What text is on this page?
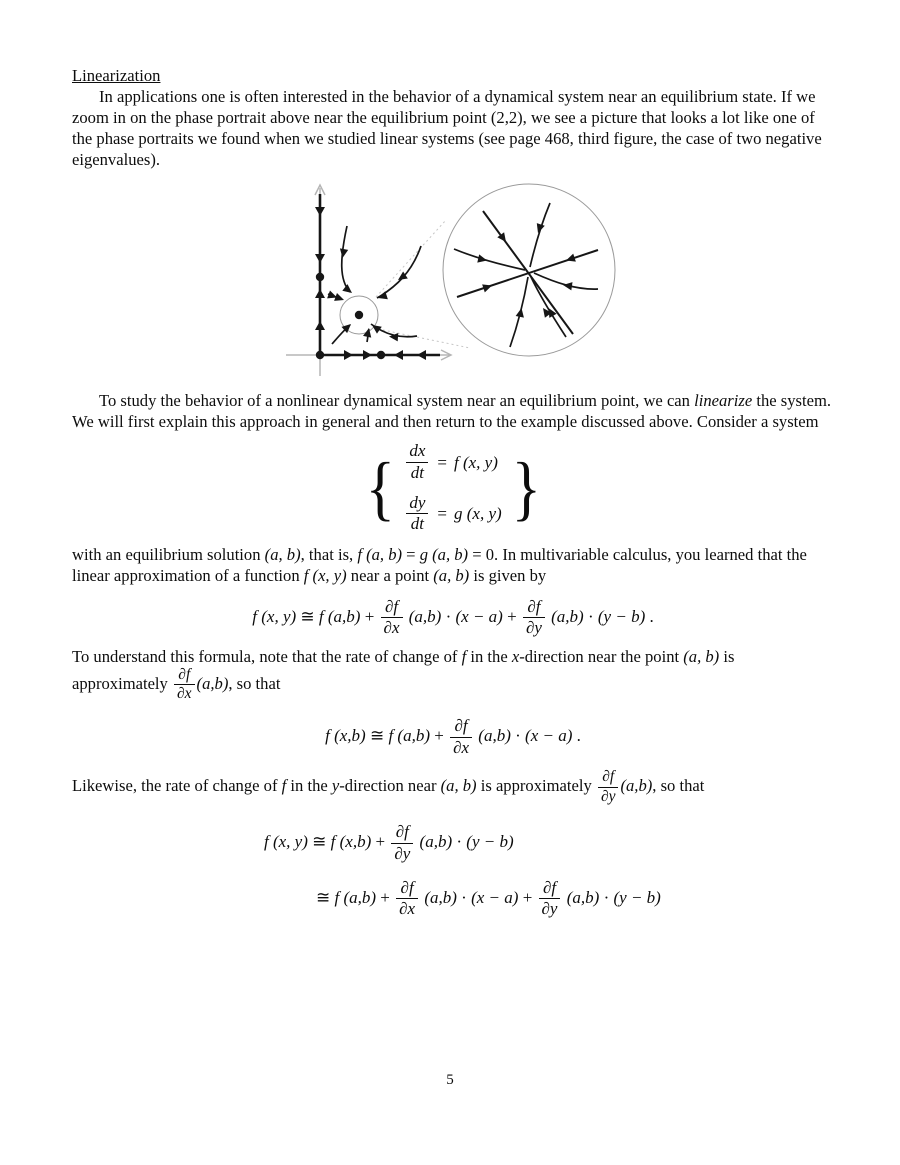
Linearization

In applications one is often interested in the behavior of a dynamical system near an equilibrium state. If we zoom in on the phase portrait above near the equilibrium point (2,2), we see a picture that looks a lot like one of the phase portraits we found when we studied linear systems (see page 468, third figure, the case of two negative eigenvalues).

To study the behavior of a nonlinear dynamical system near an equilibrium point, we can linearize the system. We will first explain this approach in general and then return to the example discussed above. Consider a system

{ $\frac{dx}{dt} = f$ (x, y)
$\frac{dy}{dt} = g$ (x, y) }

with an equilibrium solution (a, b), that is, f (a, b) = g (a, b) = 0. In multivariable calculus, you learned that the linear approximation of a function f (x, y) near a point (a, b) is given by

f (x, y) ≅ f $(a,b) + \frac{\partial f}{\partial x} (a,b) \cdot (x - a) + \frac{\partial f}{\partial y} (a,b) \cdot (y - b)$ .

To understand this formula, note that the rate of change of f in the x-direction near the point (a, b) is approximately $\frac{\partial f}{\partial x} (a,b)$, so that

f (x,b) ≅ f $(a,b) + \frac{\partial f}{\partial x} (a,b) \cdot (x - a)$ .

Likewise, the rate of change of f in the y-direction near (a, b) is approximately $\frac{\partial f}{\partial y} (a,b)$, so that

f (x, y) ≅ f $(x,b) + \frac{\partial f}{\partial y} (a,b) \cdot (y - b)$
≅ f $(a,b) + \frac{\partial f}{\partial x} (a,b) \cdot (x - a) + \frac{\partial f}{\partial y} (a,b) \cdot (y - b)$
5
